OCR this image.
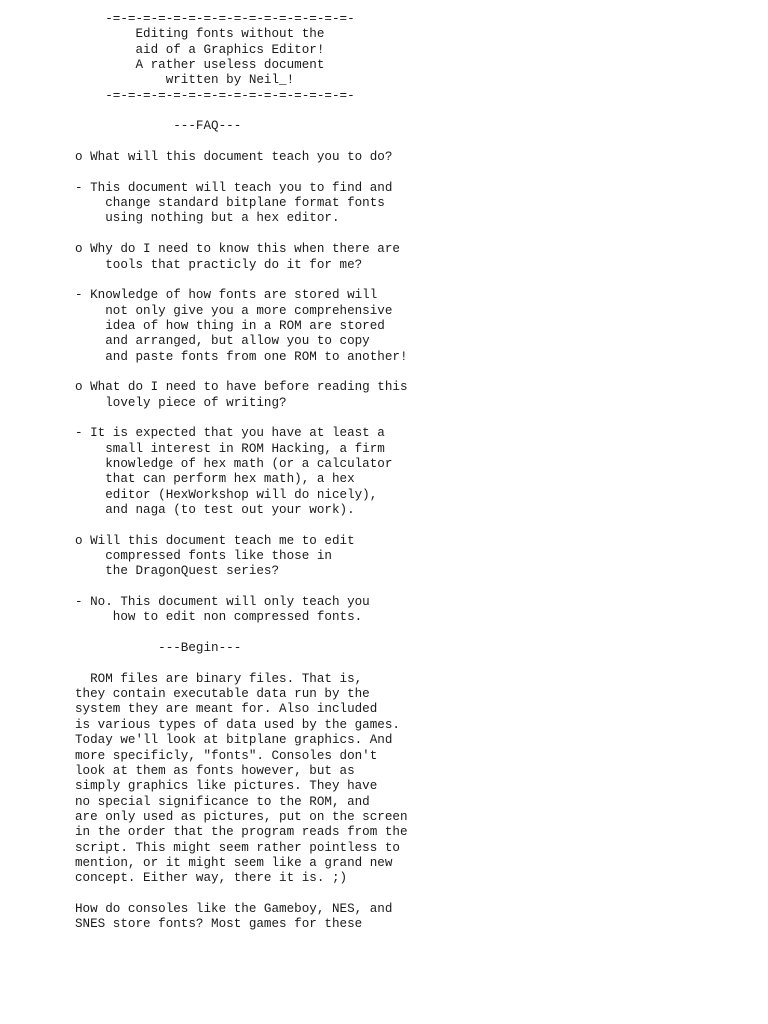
-=-=-=-=-=-=-=-=-=-=-=-=-=-=-=-=-
Editing fonts without the
aid of a Graphics Editor!
A rather useless document
written by Neil_!
-=-=-=-=-=-=-=-=-=-=-=-=-=-=-=-=-
---FAQ---
o What will this document teach you to do?
- This document will teach you to find and
change standard bitplane format fonts
using nothing but a hex editor.
o Why do I need to know this when there are
tools that practicly do it for me?
- Knowledge of how fonts are stored will
not only give you a more comprehensive
idea of how thing in a ROM are stored
and arranged, but allow you to copy
and paste fonts from one ROM to another!
o What do I need to have before reading this
lovely piece of writing?
- It is expected that you have at least a
small interest in ROM Hacking, a firm
knowledge of hex math (or a calculator
that can perform hex math), a hex
editor (HexWorkshop will do nicely),
and naga (to test out your work).
o Will this document teach me to edit
compressed fonts like those in
the DragonQuest series?
- No. This document will only teach you
how to edit non compressed fonts.
---Begin---
ROM files are binary files. That is,
they contain executable data run by the
system they are meant for. Also included
is various types of data used by the games.
Today we'll look at bitplane graphics. And
more specificly, "fonts". Consoles don't
look at them as fonts however, but as
simply graphics like pictures. They have
no special significance to the ROM, and
are only used as pictures, put on the screen
in the order that the program reads from the
script. This might seem rather pointless to
mention, or it might seem like a grand new
concept. Either way, there it is. ;)
How do consoles like the Gameboy, NES, and
SNES store fonts? Most games for these
